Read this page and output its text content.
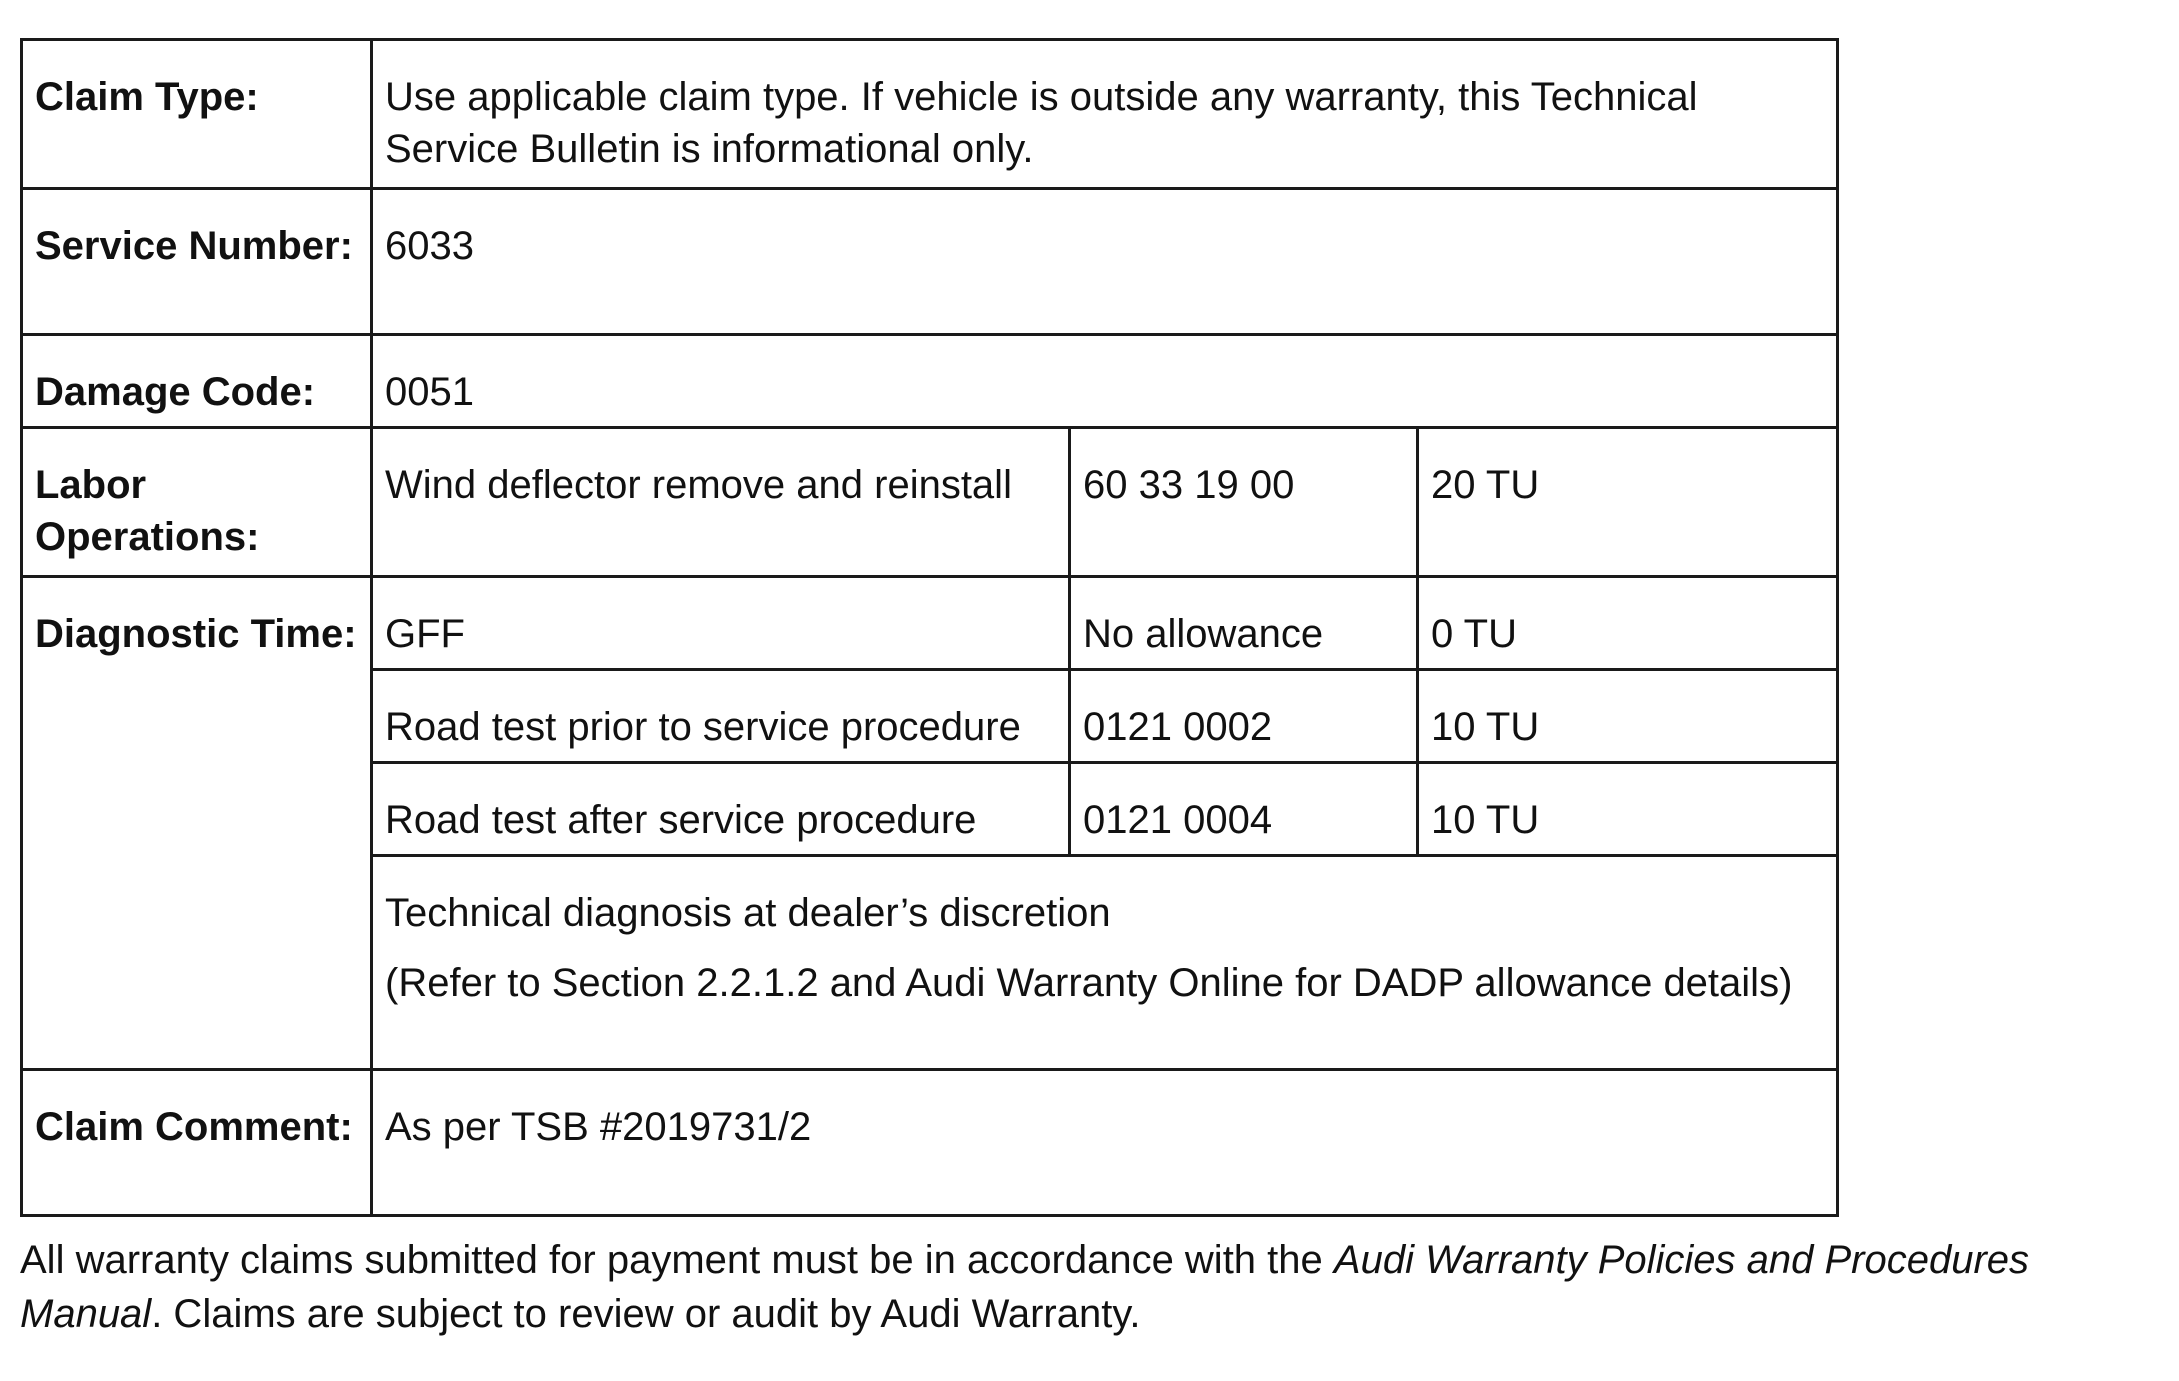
Claim Type:	Use applicable claim type. If vehicle is outside any warranty, this Technical Service Bulletin is informational only.		
Service Number:	6033		
Damage Code:	0051		
Labor Operations:	Wind deflector remove and reinstall	60 33 19 00	20 TU
Diagnostic Time:	GFF	No allowance	0 TU
	Road test prior to service procedure	0121 0002	10 TU
	Road test after service procedure	0121 0004	10 TU

	Technical diagnosis at dealer’s discretion
(Refer to Section 2.2.1.2 and Audi Warranty Online for DADP allowance details)		

Claim Comment:	As per TSB #2019731/2		

All warranty claims submitted for payment must be in accordance with the Audi Warranty Policies and Procedures Manual. Claims are subject to review or audit by Audi Warranty.
